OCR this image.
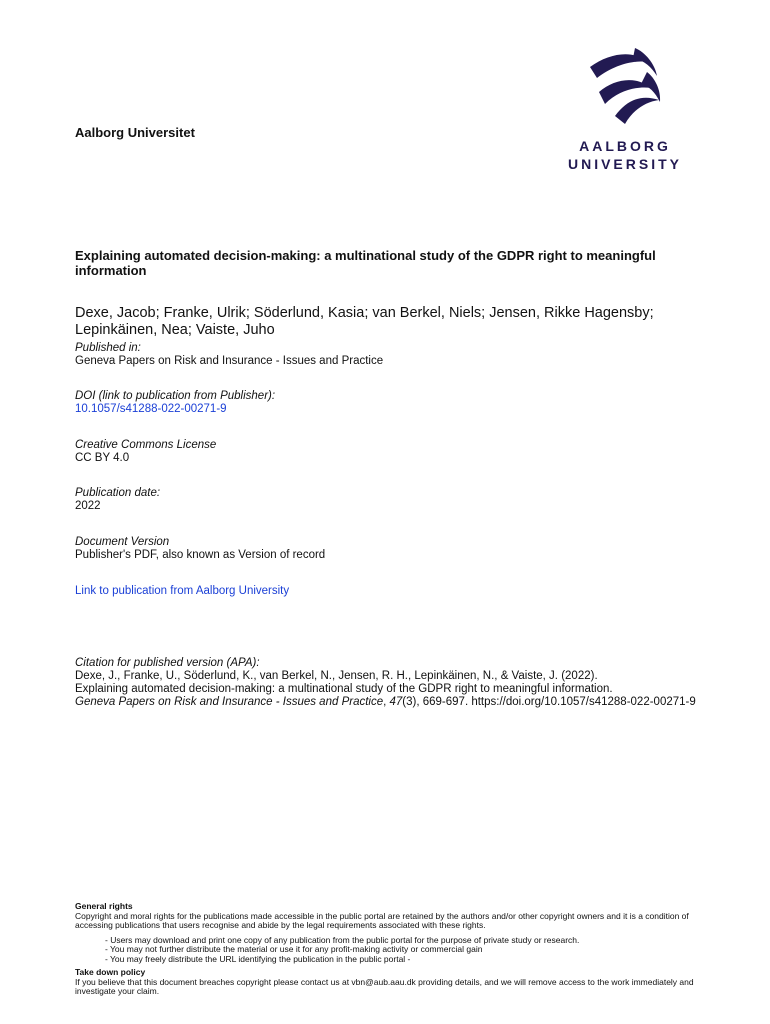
Aalborg Universitet
AALBORG
UNIVERSITY
Explaining automated decision-making: a multinational study of the GDPR right to meaningful information
Dexe, Jacob; Franke, Ulrik; Söderlund, Kasia; van Berkel, Niels; Jensen, Rikke Hagensby; Lepinkäinen, Nea; Vaiste, Juho
Published in:
Geneva Papers on Risk and Insurance - Issues and Practice
DOI (link to publication from Publisher):
10.1057/s41288-022-00271-9
Creative Commons License
CC BY 4.0
Publication date:
2022
Document Version
Publisher's PDF, also known as Version of record
Link to publication from Aalborg University
Citation for published version (APA):
Dexe, J., Franke, U., Söderlund, K., van Berkel, N., Jensen, R. H., Lepinkäinen, N., & Vaiste, J. (2022).
Explaining automated decision-making: a multinational study of the GDPR right to meaningful information.
Geneva Papers on Risk and Insurance - Issues and Practice, 47(3), 669-697. https://doi.org/10.1057/s41288-022-00271-9
General rights
Copyright and moral rights for the publications made accessible in the public portal are retained by the authors and/or other copyright owners and it is a condition of accessing publications that users recognise and abide by the legal requirements associated with these rights.
- Users may download and print one copy of any publication from the public portal for the purpose of private study or research.
- You may not further distribute the material or use it for any profit-making activity or commercial gain
- You may freely distribute the URL identifying the publication in the public portal -
Take down policy
If you believe that this document breaches copyright please contact us at vbn@aub.aau.dk providing details, and we will remove access to the work immediately and investigate your claim.
